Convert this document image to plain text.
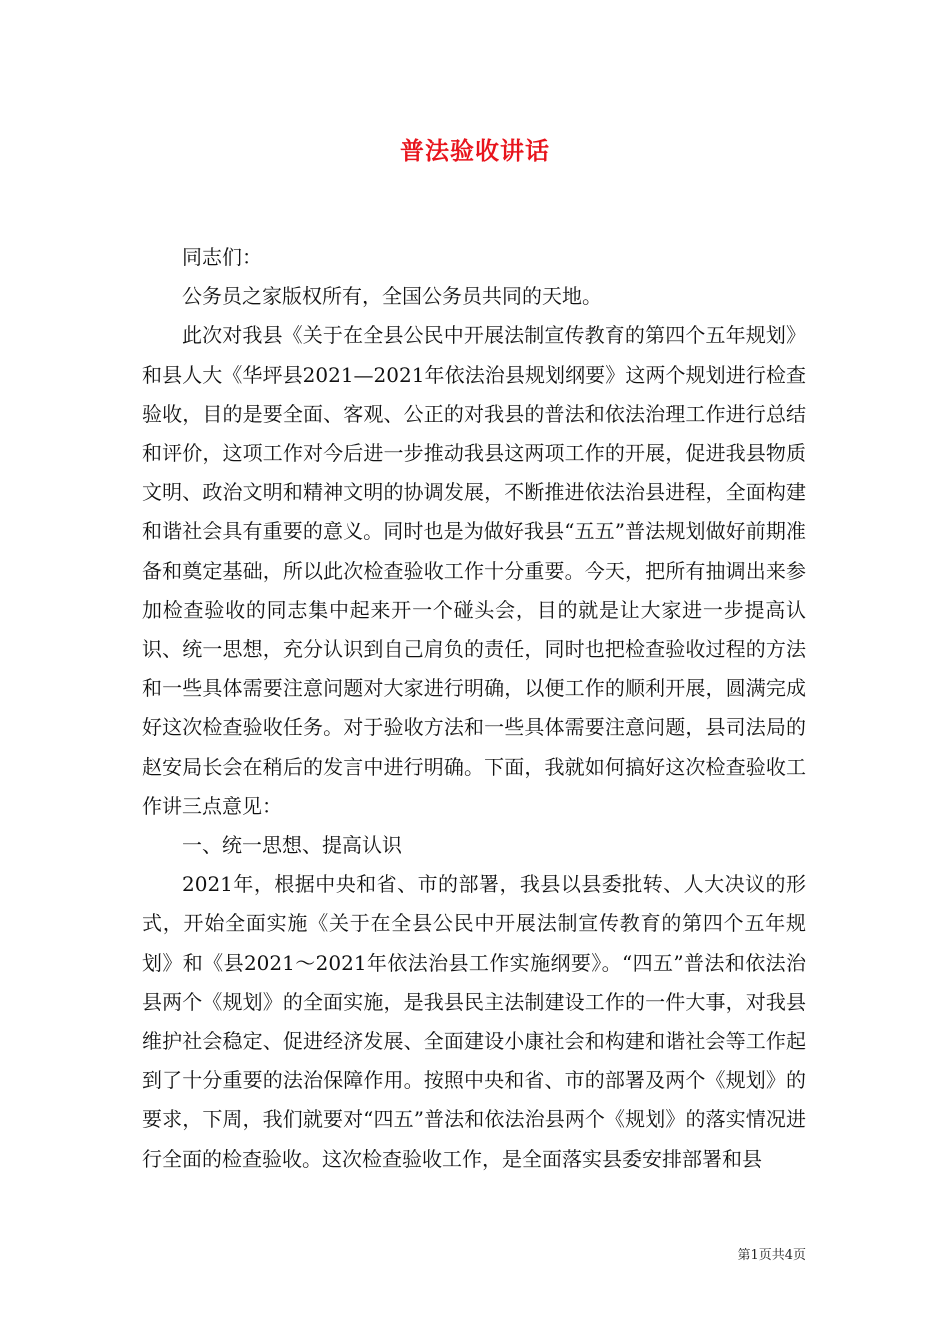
普法验收讲话

同志们：

公务员之家版权所有，全国公务员共同的天地。

此次对我县《关于在全县公民中开展法制宣传教育的第四个五年规划》和县人大《华坪县2021—2021年依法治县规划纲要》这两个规划进行检查验收，目的是要全面、客观、公正的对我县的普法和依法治理工作进行总结和评价，这项工作对今后进一步推动我县这两项工作的开展，促进我县物质文明、政治文明和精神文明的协调发展，不断推进依法治县进程，全面构建和谐社会具有重要的意义。同时也是为做好我县“五五”普法规划做好前期准备和奠定基础，所以此次检查验收工作十分重要。今天，把所有抽调出来参加检查验收的同志集中起来开一个碰头会，目的就是让大家进一步提高认识、统一思想，充分认识到自己肩负的责任，同时也把检查验收过程的方法和一些具体需要注意问题对大家进行明确，以便工作的顺利开展，圆满完成好这次检查验收任务。对于验收方法和一些具体需要注意问题，县司法局的赵安局长会在稍后的发言中进行明确。下面，我就如何搞好这次检查验收工作讲三点意见：

一、统一思想、提高认识

2021年，根据中央和省、市的部署，我县以县委批转、人大决议的形式，开始全面实施《关于在全县公民中开展法制宣传教育的第四个五年规划》和《县2021～2021年依法治县工作实施纲要》。“四五”普法和依法治县两个《规划》的全面实施，是我县民主法制建设工作的一件大事，对我县维护社会稳定、促进经济发展、全面建设小康社会和构建和谐社会等工作起到了十分重要的法治保障作用。按照中央和省、市的部署及两个《规划》的要求，下周，我们就要对“四五”普法和依法治县两个《规划》的落实情况进行全面的检查验收。这次检查验收工作，是全面落实县委安排部署和县

第1页共4页
